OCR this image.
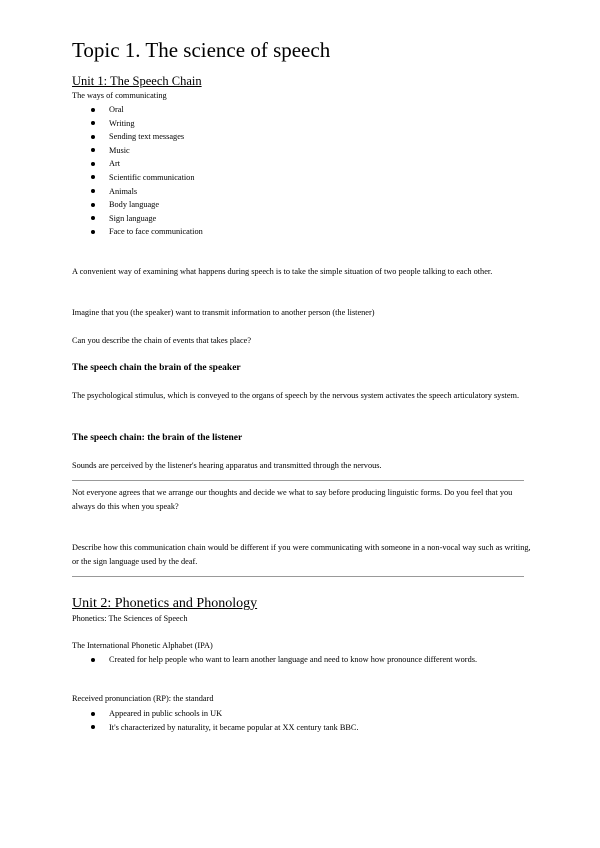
Topic 1. The science of speech
Unit 1: The Speech Chain
The ways of communicating
Oral
Writing
Sending text messages
Music
Art
Scientific communication
Animals
Body language
Sign language
Face to face communication

A convenient way of examining what happens during speech is to take the simple situation of two people talking to each other.

Imagine that you (the speaker) want to transmit information to another person (the listener)

Can you describe the chain of events that takes place?

The speech chain the brain of the speaker

The psychological stimulus, which is conveyed to the organs of speech by the nervous system activates the speech articulatory system.

The speech chain: the brain of the listener

Sounds are perceived by the listener's hearing apparatus and transmitted through the nervous.

Not everyone agrees that we arrange our thoughts and decide we what to say before producing linguistic forms. Do you feel that you always do this when you speak?

Describe how this communication chain would be different if you were communicating with someone in a non-vocal way such as writing, or the sign language used by the deaf.

Unit 2: Phonetics and Phonology
Phonetics: The Sciences of Speech
The International Phonetic Alphabet (IPA)
Created for help people who want to learn another language and need to know how pronounce different words.
Received pronunciation (RP): the standard
Appeared in public schools in UK
It's characterized by naturality, it became popular at XX century tank BBC.
